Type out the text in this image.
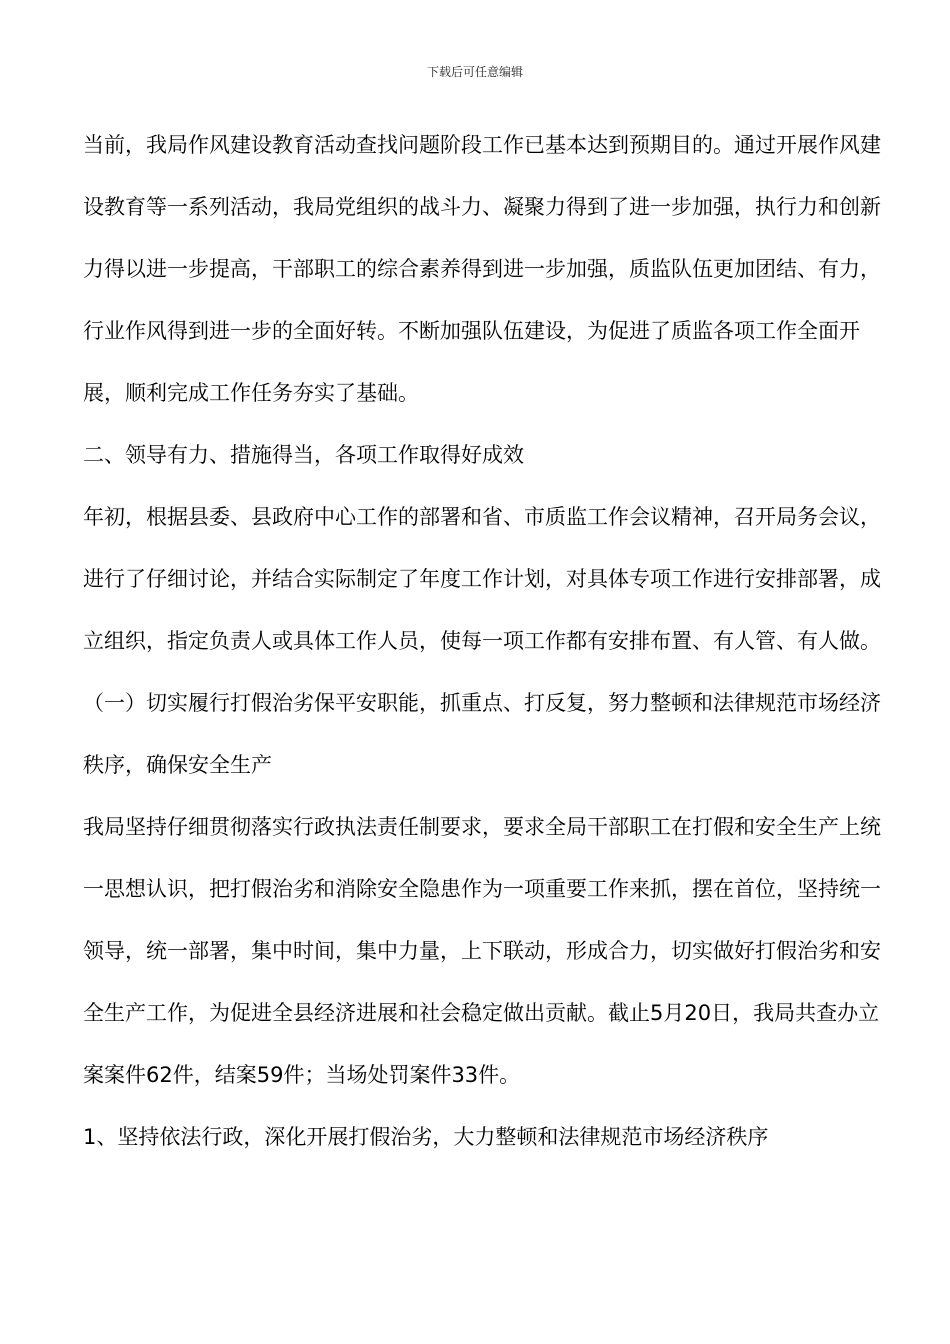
下载后可任意编辑

当前，我局作风建设教育活动查找问题阶段工作已基本达到预期目的。通过开展作风建设教育等一系列活动，我局党组织的战斗力、凝聚力得到了进一步加强，执行力和创新力得以进一步提高，干部职工的综合素养得到进一步加强，质监队伍更加团结、有力，行业作风得到进一步的全面好转。不断加强队伍建设，为促进了质监各项工作全面开展，顺利完成工作任务夯实了基础。

二、领导有力、措施得当，各项工作取得好成效

年初，根据县委、县政府中心工作的部署和省、市质监工作会议精神，召开局务会议，进行了仔细讨论，并结合实际制定了年度工作计划，对具体专项工作进行安排部署，成立组织，指定负责人或具体工作人员，使每一项工作都有安排布置、有人管、有人做。

（一）切实履行打假治劣保平安职能，抓重点、打反复，努力整顿和法律规范市场经济秩序，确保安全生产

我局坚持仔细贯彻落实行政执法责任制要求，要求全局干部职工在打假和安全生产上统一思想认识，把打假治劣和消除安全隐患作为一项重要工作来抓，摆在首位，坚持统一领导，统一部署，集中时间，集中力量，上下联动，形成合力，切实做好打假治劣和安全生产工作，为促进全县经济进展和社会稳定做出贡献。截止5月20日，我局共查办立案案件62件，结案59件；当场处罚案件33件。

1、坚持依法行政，深化开展打假治劣，大力整顿和法律规范市场经济秩序
